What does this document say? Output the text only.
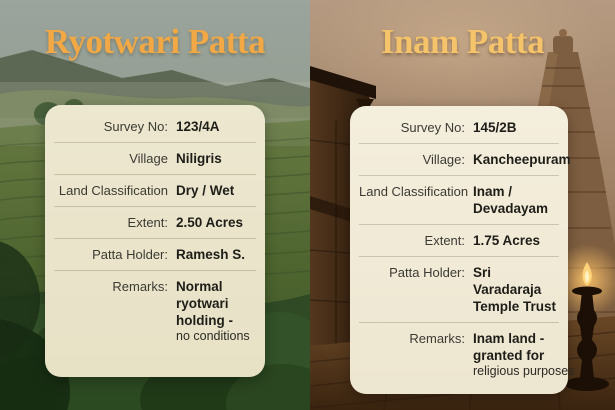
Ryotwari Patta
Survey No: 123/4A
Village Niligris
Land Classification Dry / Wet
Extent: 2.50 Acres
Patta Holder: Ramesh S.
Remarks: Normal ryotwari holding -
no conditions
Inam Patta
Survey No: 145/2B
Village: Kancheepuram
Land Classification Inam / Devadayam
Extent: 1.75 Acres
Patta Holder: Sri Varadaraja Temple Trust
Remarks: Inam land - granted for
religious purposes
